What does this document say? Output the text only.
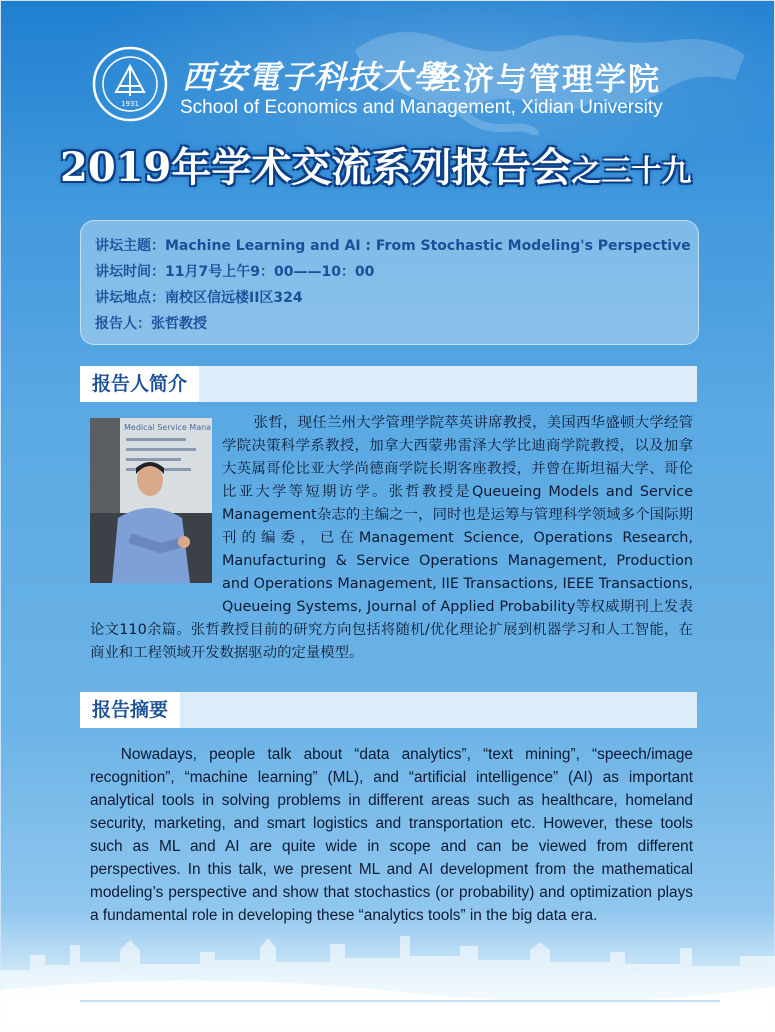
1931
西安電子科技大學
经济与管理学院
School of Economics and Management, Xidian University
2019年学术交流系列报告会之三十九
讲坛主题：Machine Learning and AI : From Stochastic Modeling's Perspective
讲坛时间：11月7号上午9：00——10：00
讲坛地点：南校区信远楼II区324
报告人：张哲教授
报告人简介
Medical Service Mana	张哲，现任兰州大学管理学院萃英讲席教授，美国西华盛顿大学经管学院决策科学系教授，加拿大西蒙弗雷泽大学比迪商学院教授，以及加拿大英属哥伦比亚大学尚德商学院长期客座教授，并曾在斯坦福大学、哥伦比亚大学等短期访学。张哲教授是Queueing Models and Service Management杂志的主编之一，同时也是运筹与管理科学领域多个国际期刊的编委，已在Management Science, Operations Research, Manufacturing & Service Operations Management, Production and Operations Management, IIE Transactions, IEEE Transactions, Queueing Systems, Journal of Applied Probability等权威期刊上发表论文110余篇。张哲教授目前的研究方向包括将随机/优化理论扩展到机器学习和人工智能，在商业和工程领域开发数据驱动的定量模型。

报告摘要

Nowadays, people talk about “data analytics”, “text mining”, “speech/image recognition”, “machine learning” (ML), and “artificial intelligence” (AI) as important analytical tools in solving problems in different areas such as healthcare, homeland security, marketing, and smart logistics and transportation etc. However, these tools such as ML and AI are quite wide in scope and can be viewed from different perspectives. In this talk, we present ML and AI development from the mathematical modeling’s perspective and show that stochastics (or probability) and optimization plays a fundamental role in developing these “analytics tools” in the big data era.
